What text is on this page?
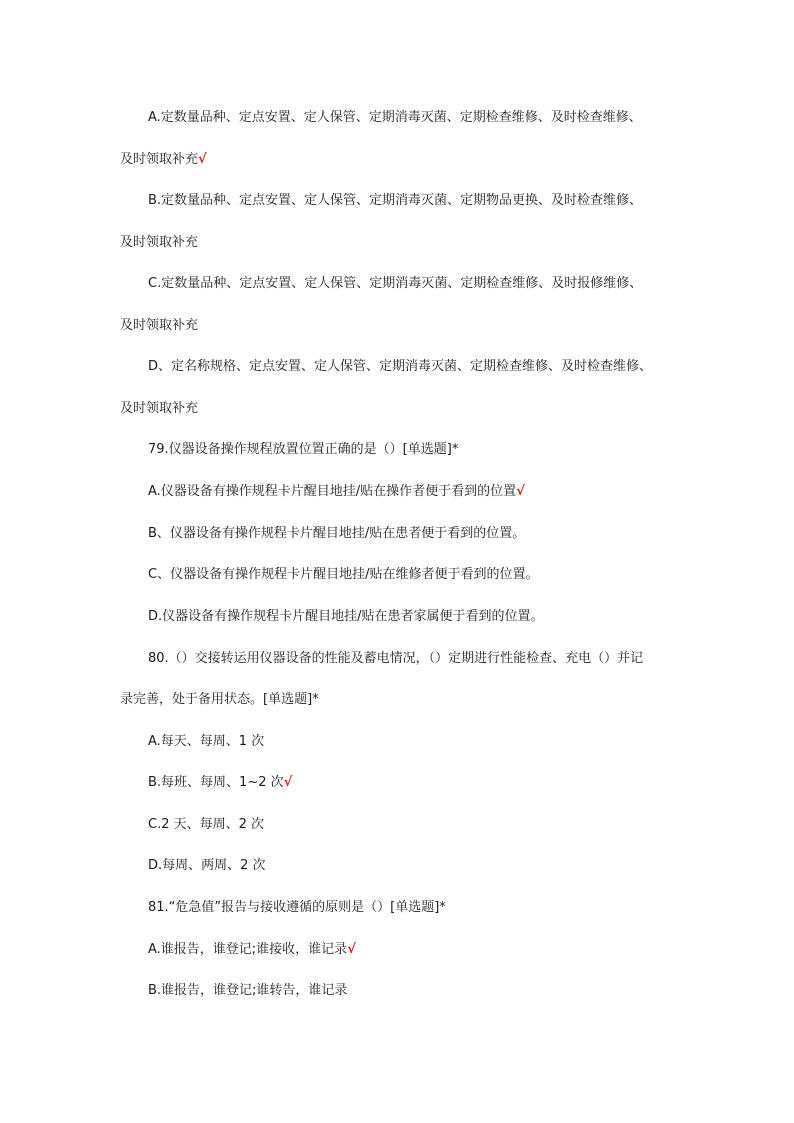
A.定数量品种、定点安置、定人保管、定期消毒灭菌、定期检查维修、及时检查维修、
及时领取补充√
B.定数量品种、定点安置、定人保管、定期消毒灭菌、定期物品更换、及时检查维修、
及时领取补充
C.定数量品种、定点安置、定人保管、定期消毒灭菌、定期检查维修、及时报修维修、
及时领取补充
D、定名称规格、定点安置、定人保管、定期消毒灭菌、定期检查维修、及时检查维修、
及时领取补充
79.仪器设备操作规程放置位置正确的是（）[单选题]*
A.仪器设备有操作规程卡片醒目地挂/贴在操作者便于看到的位置√
B、仪器设备有操作规程卡片醒目地挂/贴在患者便于看到的位置。
C、仪器设备有操作规程卡片醒目地挂/贴在维修者便于看到的位置。
D.仪器设备有操作规程卡片醒目地挂/贴在患者家属便于看到的位置。
80.（）交接转运用仪器设备的性能及蓄电情况，（）定期进行性能检查、充电（）并记
录完善，处于备用状态。[单选题]*
A.每天、每周、1 次
B.每班、每周、1~2 次√
C.2 天、每周、2 次
D.每周、两周、2 次
81.“危急值”报告与接收遵循的原则是（）[单选题]*
A.谁报告，谁登记;谁接收，谁记录√
B.谁报告，谁登记;谁转告，谁记录
